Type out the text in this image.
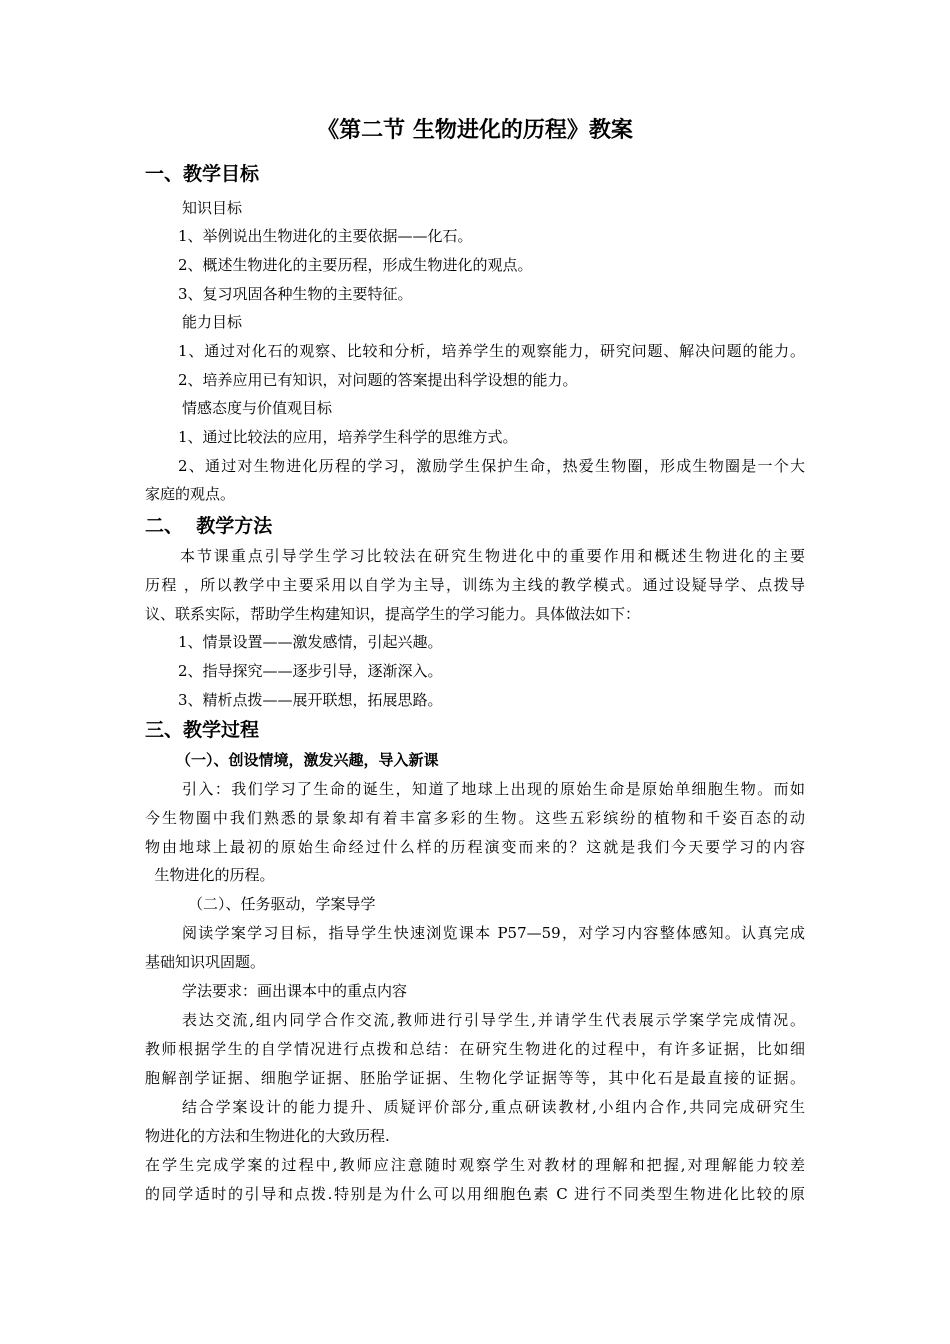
《第二节 生物进化的历程》教案
一、教学目标
知识目标
1、举例说出生物进化的主要依据——化石。
2、概述生物进化的主要历程，形成生物进化的观点。
3、复习巩固各种生物的主要特征。
能力目标
1、通过对化石的观察、比较和分析，培养学生的观察能力，研究问题、解决问题的能力。
2、培养应用已有知识，对问题的答案提出科学设想的能力。
情感态度与价值观目标
1、通过比较法的应用，培养学生科学的思维方式。
2、通过对生物进化历程的学习，激励学生保护生命，热爱生物圈，形成生物圈是一个大
家庭的观点。
二、  教学方法
本节课重点引导学生学习比较法在研究生物进化中的重要作用和概述生物进化的主要
历程 ，所以教学中主要采用以自学为主导，训练为主线的教学模式。通过设疑导学、点拨导
议、联系实际，帮助学生构建知识，提高学生的学习能力。具体做法如下：
1、情景设置——激发感情，引起兴趣。
2、指导探究——逐步引导，逐渐深入。
3、精析点拨——展开联想，拓展思路。
三、教学过程
（一）、创设情境，激发兴趣，导入新课
引入：我们学习了生命的诞生，知道了地球上出现的原始生命是原始单细胞生物。而如
今生物圈中我们熟悉的景象却有着丰富多彩的生物。这些五彩缤纷的植物和千姿百态的动
物由地球上最初的原始生命经过什么样的历程演变而来的？这就是我们今天要学习的内容
生物进化的历程。
（二）、任务驱动，学案导学
阅读学案学习目标，指导学生快速浏览课本 P57—59，对学习内容整体感知。认真完成
基础知识巩固题。
学法要求：画出课本中的重点内容
表达交流,组内同学合作交流,教师进行引导学生,并请学生代表展示学案学完成情况。
教师根据学生的自学情况进行点拨和总结：在研究生物进化的过程中，有许多证据，比如细
胞解剖学证据、细胞学证据、胚胎学证据、生物化学证据等等，其中化石是最直接的证据。
结合学案设计的能力提升、质疑评价部分,重点研读教材,小组内合作,共同完成研究生
物进化的方法和生物进化的大致历程.
在学生完成学案的过程中,教师应注意随时观察学生对教材的理解和把握,对理解能力较差
的同学适时的引导和点拨.特别是为什么可以用细胞色素 C 进行不同类型生物进化比较的原
